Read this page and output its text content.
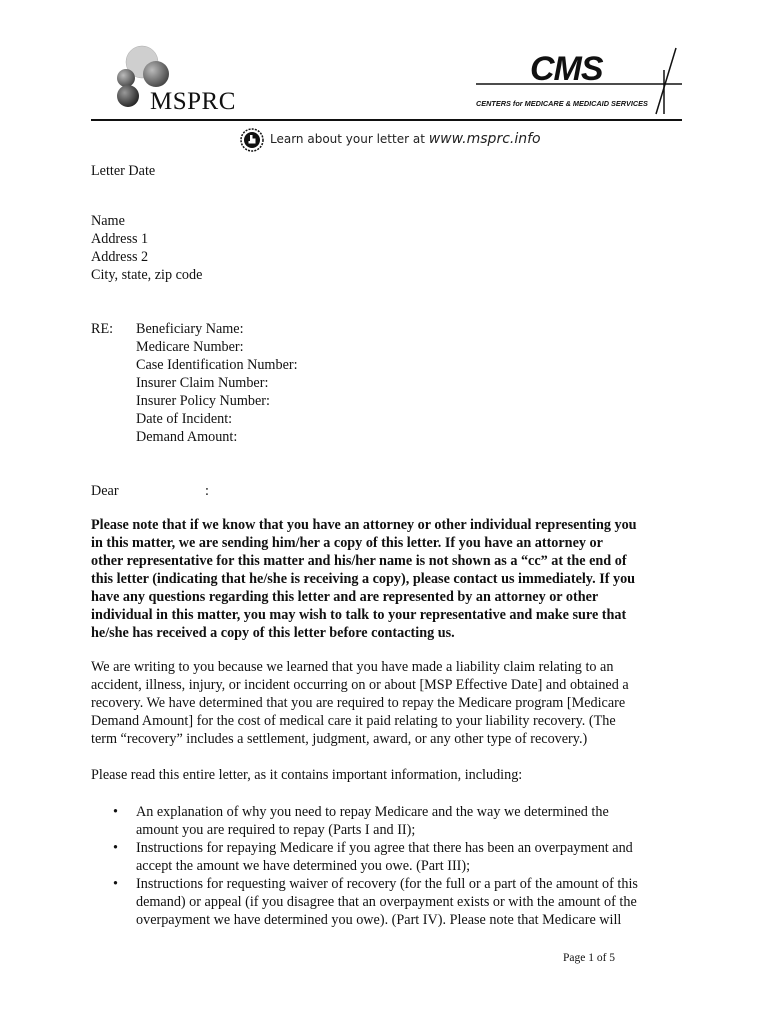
MSPRC
CMS
CENTERS for MEDICARE & MEDICAID SERVICES
Learn about your letter at www.msprc.info
Letter Date
Name
Address 1
Address 2
City, state, zip code
RE: Beneficiary Name:
Medicare Number:
Case Identification Number:
Insurer Claim Number:
Insurer Policy Number:
Date of Incident:
Demand Amount:
Dear	:
Please note that if we know that you have an attorney or other individual representing you
in this matter, we are sending him/her a copy of this letter. If you have an attorney or
other representative for this matter and his/her name is not shown as a “cc” at the end of
this letter (indicating that he/she is receiving a copy), please contact us immediately. If you
have any questions regarding this letter and are represented by an attorney or other
individual in this matter, you may wish to talk to your representative and make sure that
he/she has received a copy of this letter before contacting us.
We are writing to you because we learned that you have made a liability claim relating to an
accident, illness, injury, or incident occurring on or about [MSP Effective Date] and obtained a
recovery. We have determined that you are required to repay the Medicare program [Medicare
Demand Amount] for the cost of medical care it paid relating to your liability recovery. (The
term “recovery” includes a settlement, judgment, award, or any other type of recovery.)
Please read this entire letter, as it contains important information, including:
• An explanation of why you need to repay Medicare and the way we determined the
amount you are required to repay (Parts I and II);
• Instructions for repaying Medicare if you agree that there has been an overpayment and
accept the amount we have determined you owe. (Part III);
• Instructions for requesting waiver of recovery (for the full or a part of the amount of this
demand) or appeal (if you disagree that an overpayment exists or with the amount of the
overpayment we have determined you owe). (Part IV). Please note that Medicare will
Page 1 of 5
